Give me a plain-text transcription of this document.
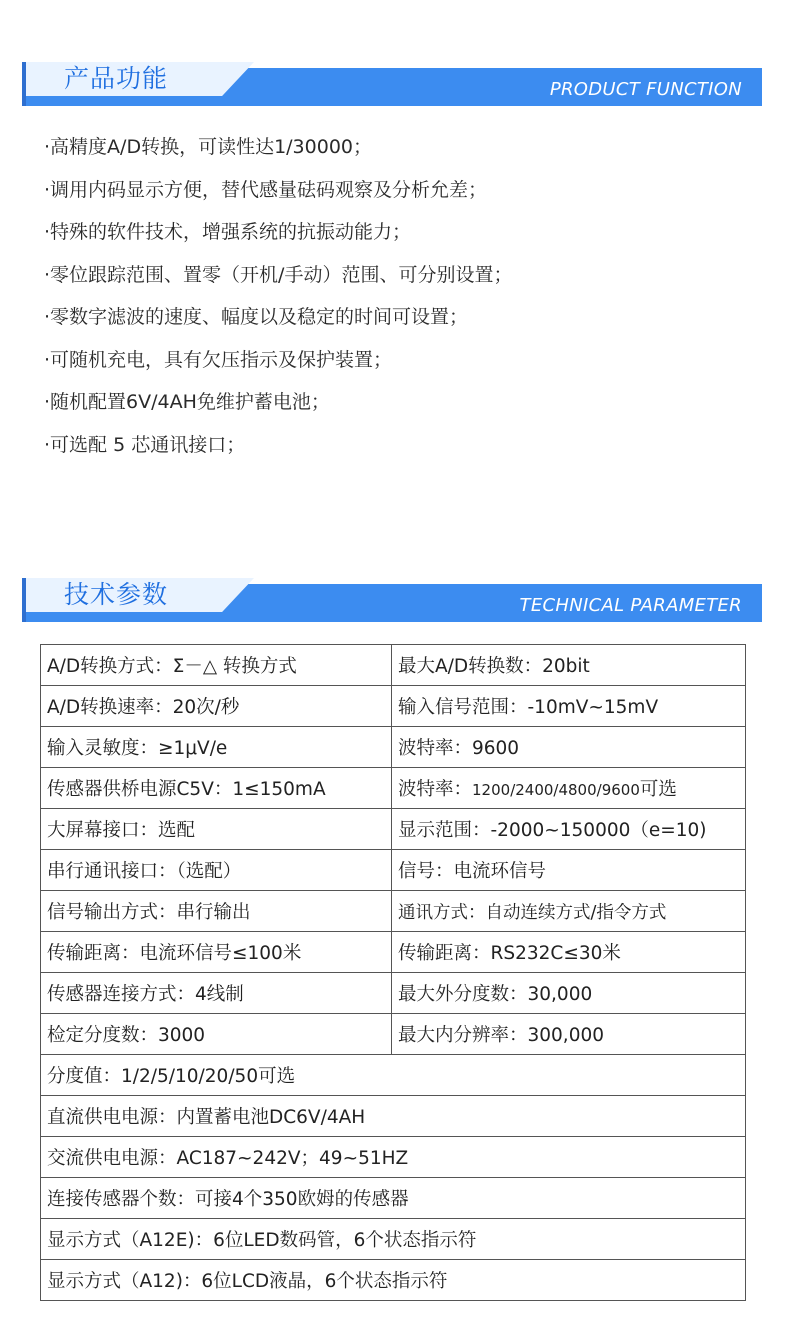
产品功能	PRODUCT FUNCTION
·高精度A/D转换，可读性达1/30000；
·调用内码显示方便，替代感量砝码观察及分析允差；
·特殊的软件技术，增强系统的抗振动能力；
·零位跟踪范围、置零（开机/手动）范围、可分别设置；
·零数字滤波的速度、幅度以及稳定的时间可设置；
·可随机充电，具有欠压指示及保护装置；
·随机配置6V/4AH免维护蓄电池；
·可选配 5 芯通讯接口；
技术参数	TECHNICAL PARAMETER
A/D转换方式：Σ－△ 转换方式	最大A/D转换数：20bit
A/D转换速率：20次/秒	输入信号范围：-10mV~15mV
输入灵敏度：≥1μV/e	波特率：9600
传感器供桥电源C5V：1≤150mA	波特率：1200/2400/4800/9600可选
大屏幕接口：选配	显示范围：-2000~150000（e=10)
串行通讯接口：（选配）	信号：电流环信号
信号输出方式：串行输出	通讯方式：自动连续方式/指令方式
传输距离：电流环信号≤100米	传输距离：RS232C≤30米
传感器连接方式：4线制	最大外分度数：30,000
检定分度数：3000	最大内分辨率：300,000
分度值：1/2/5/10/20/50可选	
直流供电电源：内置蓄电池DC6V/4AH	
交流供电电源：AC187~242V；49~51HZ	
连接传感器个数：可接4个350欧姆的传感器	
显示方式（A12E)：6位LED数码管，6个状态指示符	
显示方式（A12)：6位LCD液晶，6个状态指示符	
